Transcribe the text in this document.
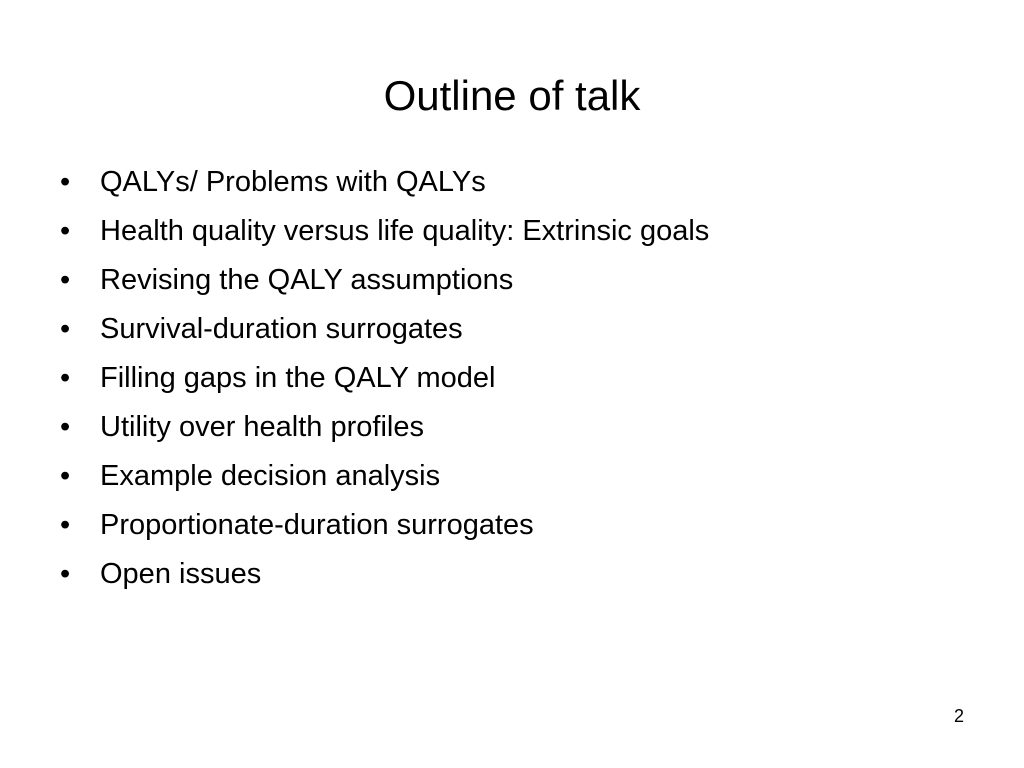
Outline of talk
• QALYs/ Problems with QALYs
• Health quality versus life quality: Extrinsic goals
• Revising the QALY assumptions
• Survival-duration surrogates
• Filling gaps in the QALY model
• Utility over health profiles
• Example decision analysis
• Proportionate-duration surrogates
• Open issues
2
